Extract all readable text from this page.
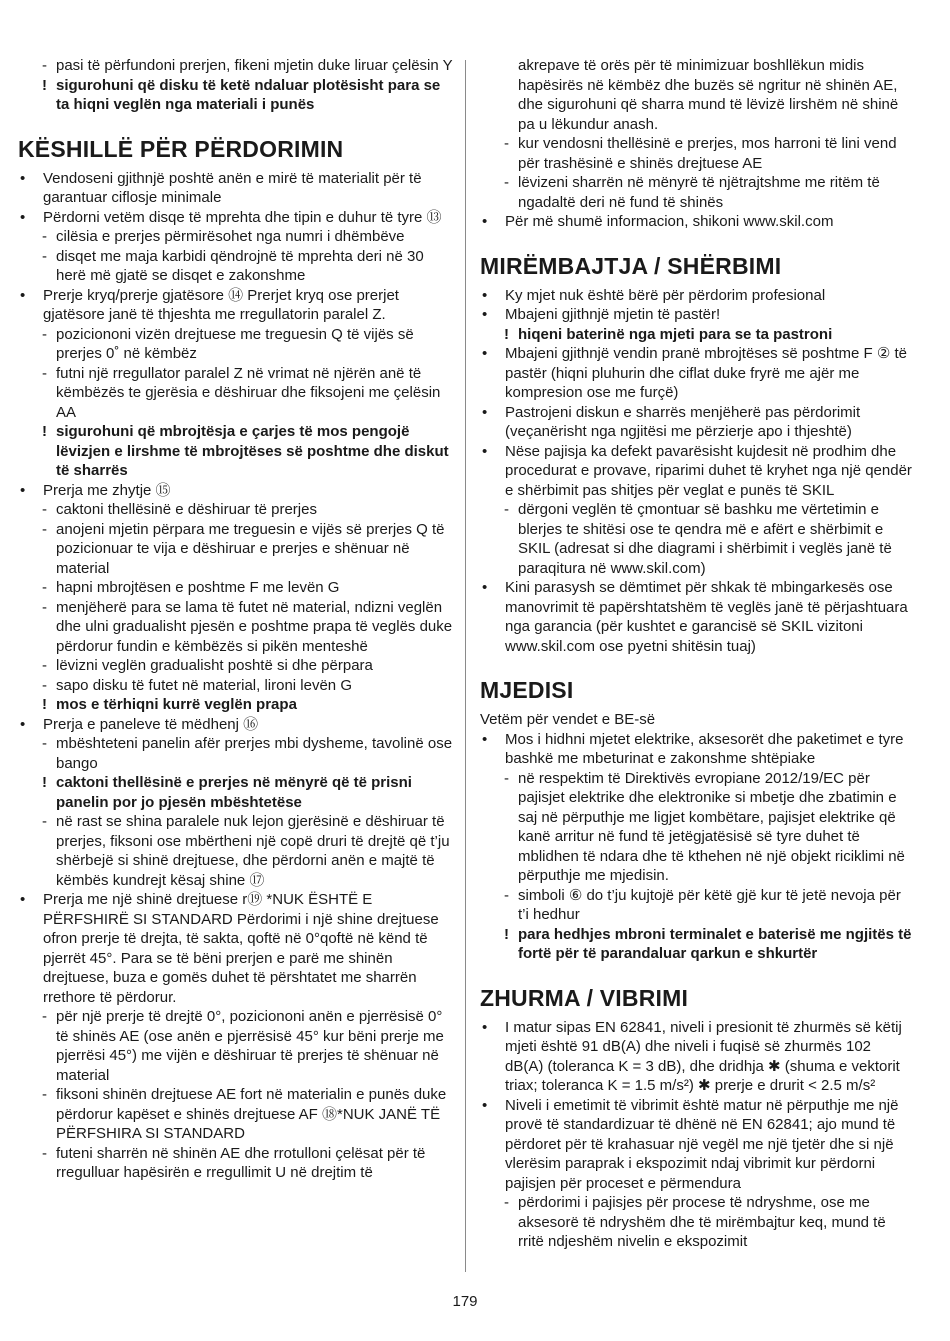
- pasi të përfundoni prerjen, fikeni mjetin duke liruar çelësin Y
! sigurohuni që disku të ketë ndaluar plotësisht para se ta hiqni veglën nga materiali i punës
KËSHILLË PËR PËRDORIMIN
• Vendoseni gjithnjë poshtë anën e mirë të materialit për të garantuar ciflosje minimale
• Përdorni vetëm disqe të mprehta dhe tipin e duhur të tyre ⑬
- cilësia e prerjes përmirësohet nga numri i dhëmbëve
- disqet me maja karbidi qëndrojnë të mprehta deri në 30 herë më gjatë se disqet e zakonshme
• Prerje kryq/prerje gjatësore ⑭ Prerjet kryq ose prerjet gjatësore janë të thjeshta me rregullatorin paralel Z.
- poziciononi vizën drejtuese me treguesin Q të vijës së prerjes 0˚ në këmbëz
- futni një rregullator paralel Z në vrimat në njërën anë të këmbëzës te gjerësia e dëshiruar dhe fiksojeni me çelësin AA
! sigurohuni që mbrojtësja e çarjes të mos pengojë lëvizjen e lirshme të mbrojtëses së poshtme dhe diskut të sharrës
• Prerja me zhytje ⑮
- caktoni thellësinë e dëshiruar të prerjes
- anojeni mjetin përpara me treguesin e vijës së prerjes Q të pozicionuar te vija e dëshiruar e prerjes e shënuar në material
- hapni mbrojtësen e poshtme F me levën G
- menjëherë para se lama të futet në material, ndizni veglën dhe ulni gradualisht pjesën e poshtme prapa të veglës duke përdorur fundin e këmbëzës si pikën menteshë
- lëvizni veglën gradualisht poshtë si dhe përpara
- sapo disku të futet në material, lironi levën G
! mos e tërhiqni kurrë veglën prapa
• Prerja e paneleve të mëdhenj ⑯
- mbështeteni panelin afër prerjes mbi dysheme, tavolinë ose bango
! caktoni thellësinë e prerjes në mënyrë që të prisni panelin por jo pjesën mbështetëse
- në rast se shina paralele nuk lejon gjerësinë e dëshiruar të prerjes, fiksoni ose mbërtheni një copë druri të drejtë që t’ju shërbejë si shinë drejtuese, dhe përdorni anën e majtë të këmbës kundrejt kësaj shine ⑰
• Prerja me një shinë drejtuese r⑲ *NUK ËSHTË E PËRFSHIRË SI STANDARD Përdorimi i një shine drejtuese ofron prerje të drejta, të sakta, qoftë në 0°qoftë në kënd të pjerrët 45°. Para se të bëni prerjen e parë me shinën drejtuese, buza e gomës duhet të përshtatet me sharrën rrethore të përdorur.
- për një prerje të drejtë 0°, poziciononi anën e pjerrësisë 0° të shinës AE (ose anën e pjerrësisë 45° kur bëni prerje me pjerrësi 45°) me vijën e dëshiruar të prerjes të shënuar në material
- fiksoni shinën drejtuese AE fort në materialin e punës duke përdorur kapëset e shinës drejtuese AF ⑱*NUK JANË TË PËRFSHIRA SI STANDARD
- futeni sharrën në shinën AE dhe rrotulloni çelësat për të rregulluar hapësirën e rregullimit U në drejtim të
akrepave të orës për të minimizuar boshllëkun midis hapësirës në këmbëz dhe buzës së ngritur në shinën AE, dhe sigurohuni që sharra mund të lëvizë lirshëm në shinë pa u lëkundur anash.
- kur vendosni thellësinë e prerjes, mos harroni të lini vend për trashësinë e shinës drejtuese AE
- lëvizeni sharrën në mënyrë të njëtrajtshme me ritëm të ngadaltë deri në fund të shinës
• Për më shumë informacion, shikoni www.skil.com
MIRËMBAJTJA / SHËRBIMI
• Ky mjet nuk është bërë për përdorim profesional
• Mbajeni gjithnjë mjetin të pastër!
! hiqeni baterinë nga mjeti para se ta pastroni
• Mbajeni gjithnjë vendin pranë mbrojtëses së poshtme F ② të pastër (hiqni pluhurin dhe ciflat duke fryrë me ajër me kompresion ose me furçë)
• Pastrojeni diskun e sharrës menjëherë pas përdorimit (veçanërisht nga ngjitësi me përzierje apo i thjeshtë)
• Nëse pajisja ka defekt pavarësisht kujdesit në prodhim dhe procedurat e provave, riparimi duhet të kryhet nga një qendër e shërbimit pas shitjes për veglat e punës të SKIL
- dërgoni veglën të çmontuar së bashku me vërtetimin e blerjes te shitësi ose te qendra më e afërt e shërbimit e SKIL (adresat si dhe diagrami i shërbimit i veglës janë të paraqitura në www.skil.com)
• Kini parasysh se dëmtimet për shkak të mbingarkesës ose manovrimit të papërshtatshëm të veglës janë të përjashtuara nga garancia (për kushtet e garancisë së SKIL vizitoni www.skil.com ose pyetni shitësin tuaj)
MJEDISI
Vetëm për vendet e BE-së
• Mos i hidhni mjetet elektrike, aksesorët dhe paketimet e tyre bashkë me mbeturinat e zakonshme shtëpiake
- në respektim të Direktivës evropiane 2012/19/EC për pajisjet elektrike dhe elektronike si mbetje dhe zbatimin e saj në përputhje me ligjet kombëtare, pajisjet elektrike që kanë arritur në fund të jetëgjatësisë së tyre duhet të mblidhen të ndara dhe të kthehen në një objekt riciklimi në përputhje me mjedisin.
- simboli ⑥ do t’ju kujtojë për këtë gjë kur të jetë nevoja për t’i hedhur
! para hedhjes mbroni terminalet e baterisë me ngjitës të fortë për të parandaluar qarkun e shkurtër
ZHURMA / VIBRIMI
• I matur sipas EN 62841, niveli i presionit të zhurmës së këtij mjeti është 91 dB(A) dhe niveli i fuqisë së zhurmës 102 dB(A) (toleranca K = 3 dB), dhe dridhja ✱ (shuma e vektorit triax; toleranca K = 1.5 m/s²) ✱ prerje e drurit < 2.5 m/s²
• Niveli i emetimit të vibrimit është matur në përputhje me një provë të standardizuar të dhënë në EN 62841; ajo mund të përdoret për të krahasuar një vegël me një tjetër dhe si një vlerësim paraprak i ekspozimit ndaj vibrimit kur përdorni pajisjen për proceset e përmendura
- përdorimi i pajisjes për procese të ndryshme, ose me aksesorë të ndryshëm dhe të mirëmbajtur keq, mund të rritë ndjeshëm nivelin e ekspozimit
179
